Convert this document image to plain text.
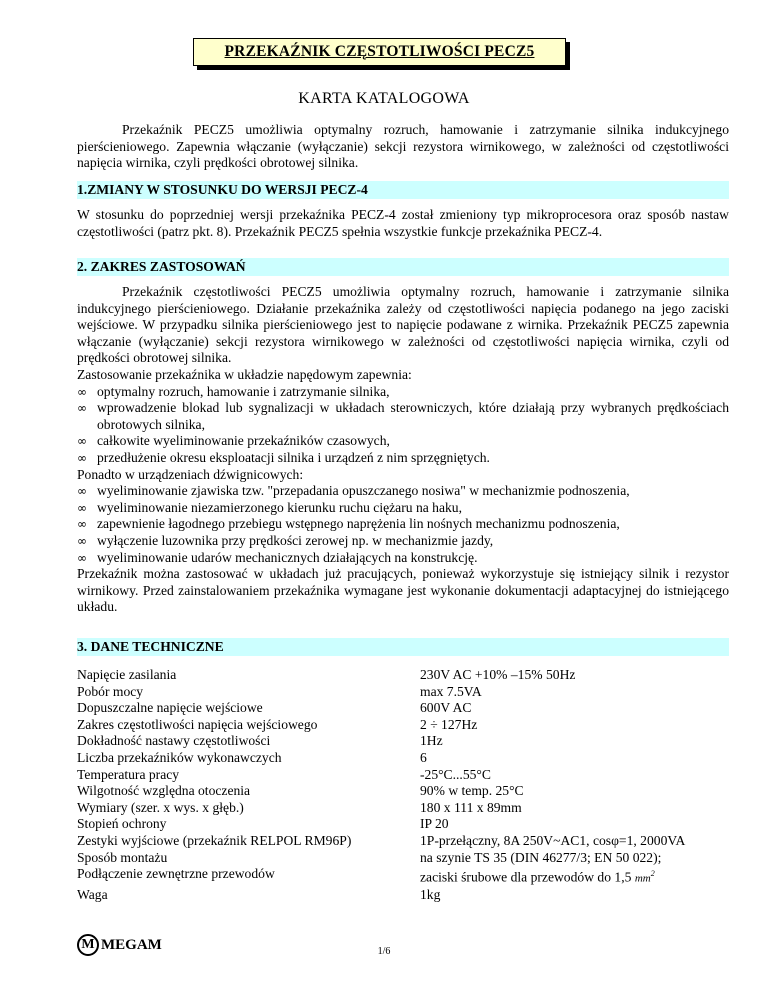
PRZEKAŹNIK CZĘSTOTLIWOŚCI PECZ5
KARTA KATALOGOWA

Przekaźnik PECZ5 umożliwia optymalny rozruch, hamowanie i zatrzymanie silnika indukcyjnego pierścieniowego. Zapewnia włączanie (wyłączanie) sekcji rezystora wirnikowego, w zależności od częstotliwości napięcia wirnika, czyli prędkości obrotowej silnika.

1.ZMIANY W STOSUNKU DO WERSJI PECZ-4

W stosunku do poprzedniej wersji przekaźnika PECZ-4 został zmieniony typ mikroprocesora oraz sposób nastaw częstotliwości (patrz pkt. 8). Przekaźnik PECZ5 spełnia wszystkie funkcje przekaźnika PECZ-4.

2. ZAKRES ZASTOSOWAŃ

Przekaźnik częstotliwości PECZ5 umożliwia optymalny rozruch, hamowanie i zatrzymanie silnika indukcyjnego pierścieniowego. Działanie przekaźnika zależy od częstotliwości napięcia podanego na jego zaciski wejściowe. W przypadku silnika pierścieniowego jest to napięcie podawane z wirnika. Przekaźnik PECZ5 zapewnia włączanie (wyłączanie) sekcji rezystora wirnikowego w zależności od częstotliwości napięcia wirnika, czyli od prędkości obrotowej silnika.

Zastosowanie przekaźnika w układzie napędowym zapewnia:
∞ optymalny rozruch, hamowanie i zatrzymanie silnika,
∞ wprowadzenie blokad lub sygnalizacji w układach sterowniczych, które działają przy wybranych prędkościach obrotowych silnika,
∞ całkowite wyeliminowanie przekaźników czasowych,
∞ przedłużenie okresu eksploatacji silnika i urządzeń z nim sprzęgniętych.
Ponadto w urządzeniach dźwignicowych:
∞ wyeliminowanie zjawiska tzw. "przepadania opuszczanego nosiwa" w mechanizmie podnoszenia,
∞ wyeliminowanie niezamierzonego kierunku ruchu ciężaru na haku,
∞ zapewnienie łagodnego przebiegu wstępnego naprężenia lin nośnych mechanizmu podnoszenia,
∞ wyłączenie luzownika przy prędkości zerowej np. w mechanizmie jazdy,
∞ wyeliminowanie udarów mechanicznych działających na konstrukcję.

Przekaźnik można zastosować w układach już pracujących, ponieważ wykorzystuje się istniejący silnik i rezystor wirnikowy. Przed zainstalowaniem przekaźnika wymagane jest wykonanie dokumentacji adaptacyjnej do istniejącego układu.

3. DANE TECHNICZNE
Napięcie zasilania	230V AC +10% –15% 50Hz
Pobór mocy	max 7.5VA
Dopuszczalne napięcie wejściowe	600V AC
Zakres częstotliwości napięcia wejściowego	2 ÷ 127Hz
Dokładność nastawy częstotliwości	1Hz
Liczba przekaźników wykonawczych	6
Temperatura pracy	-25°C...55°C
Wilgotność względna otoczenia	90% w temp. 25°C
Wymiary (szer. x wys. x głęb.)	180 x 111 x 89mm
Stopień ochrony	IP 20
Zestyki wyjściowe (przekaźnik RELPOL RM96P)	1P-przełączny, 8A 250V~AC1, cosφ=1, 2000VA
Sposób montażu	na szynie TS 35 (DIN 46277/3; EN 50 022);
Podłączenie zewnętrzne przewodów	zaciski śrubowe dla przewodów do 1,5 $mm^2$
Waga	1kg
M MEGAM	1/6
